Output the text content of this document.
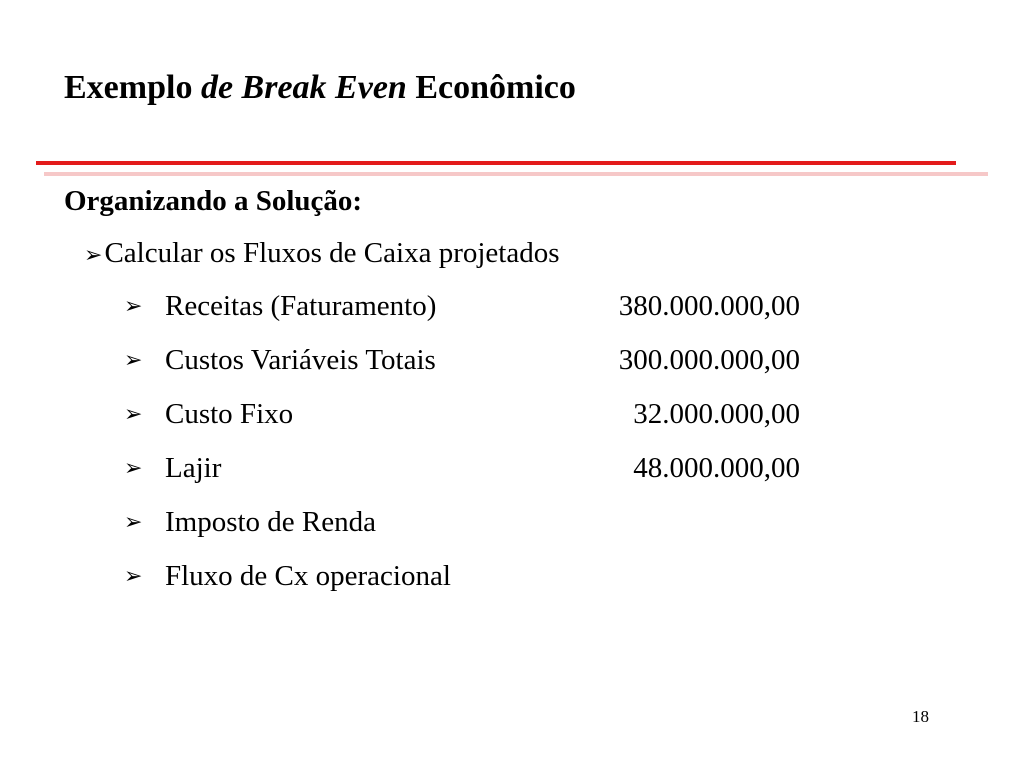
Exemplo de Break Even Econômico
Organizando a Solução:
➢Calcular os Fluxos de Caixa projetados
➢ Receitas (Faturamento)	380.000.000,00
➢ Custos Variáveis Totais	300.000.000,00
➢ Custo Fixo	32.000.000,00
➢ Lajir	48.000.000,00
➢ Imposto de Renda
➢ Fluxo de Cx operacional
18
